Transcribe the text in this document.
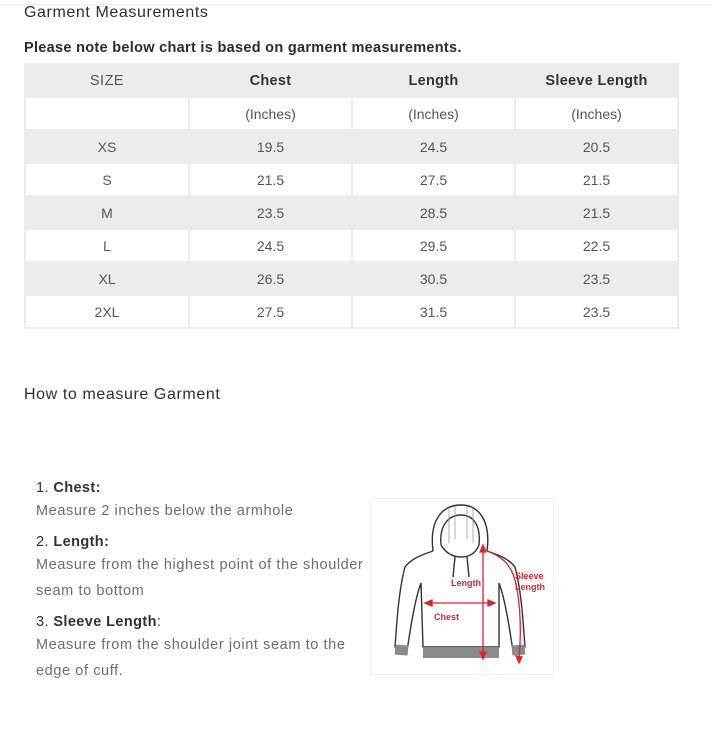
Garment Measurements
Please note below chart is based on garment measurements.
SIZE	Chest	Length	Sleeve Length
	(Inches)	(Inches)	(Inches)
XS	19.5	24.5	20.5
S	21.5	27.5	21.5
M	23.5	28.5	21.5
L	24.5	29.5	22.5
XL	26.5	30.5	23.5
2XL	27.5	31.5	23.5
How to measure Garment
1. Chest:
Measure 2 inches below the armhole
2. Length:
Measure from the highest point of the shoulder seam to bottom
3. Sleeve Length:
Measure from the shoulder joint seam to the edge of cuff.
Length
Chest
Sleeve
Length
